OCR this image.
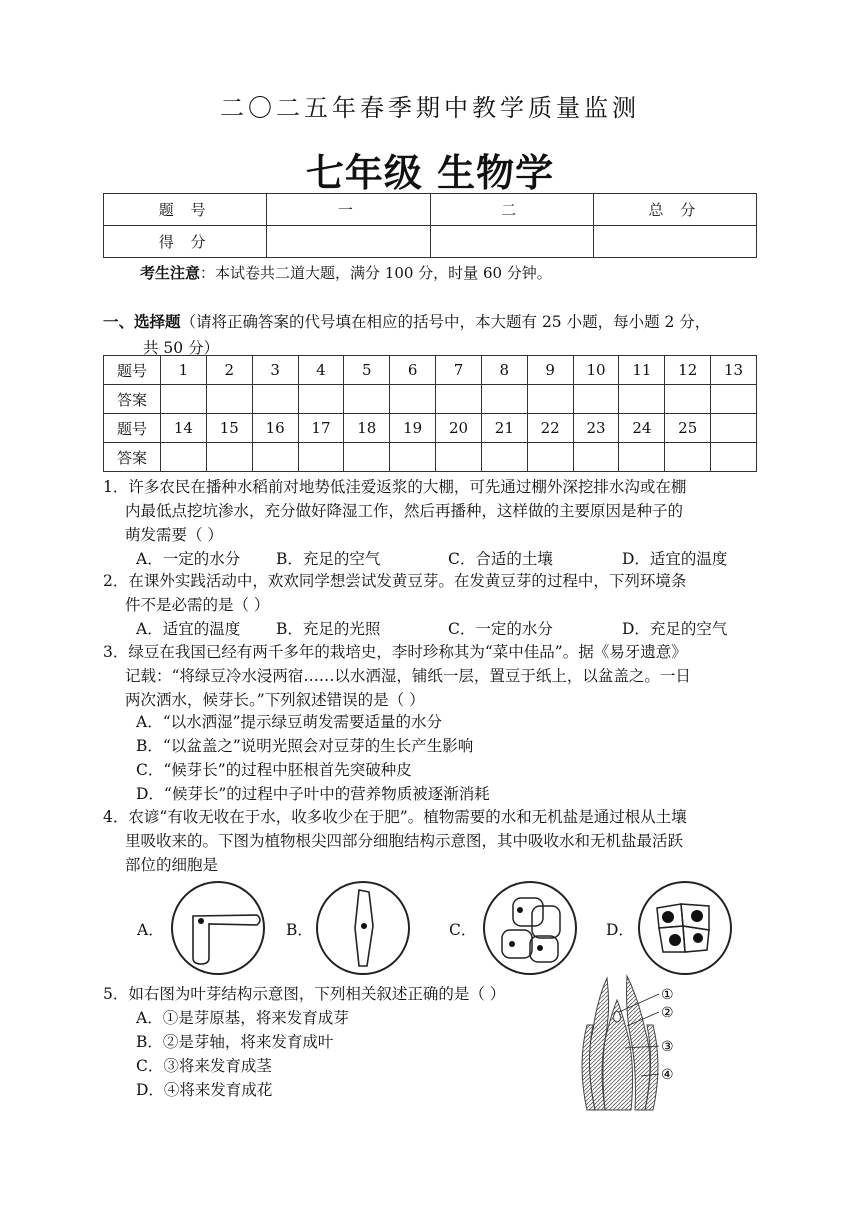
二〇二五年春季期中教学质量监测
七年级 生物学
题 号	一	二	总 分
得 分			
考生注意：本试卷共二道大题，满分 100 分，时量 60 分钟。
一、选择题（请将正确答案的代号填在相应的括号中，本大题有 25 小题，每小题 2 分，
共 50 分）
题号	1	2	3	4	5	6	7	8	9	10	11	12	13
答案													
题号	14	15	16	17	18	19	20	21	22	23	24	25	
答案													
1．许多农民在播种水稻前对地势低洼爱返浆的大棚，可先通过棚外深挖排水沟或在棚
内最低点挖坑渗水，充分做好降湿工作，然后再播种，这样做的主要原因是种子的
萌发需要（ ）
A．一定的水分 B．充足的空气	C．合适的土壤	D．适宜的温度
2．在课外实践活动中，欢欢同学想尝试发黄豆芽。在发黄豆芽的过程中，下列环境条
件不是必需的是（ ）
A．适宜的温度 B．充足的光照	C．一定的水分	D．充足的空气
3．绿豆在我国已经有两千多年的栽培史，李时珍称其为“菜中佳品”。据《易牙遗意》
记载：“将绿豆冷水浸两宿……以水洒湿，铺纸一层，置豆于纸上，以盆盖之。一日
两次洒水，候芽长。”下列叙述错误的是（ ）
A．“以水洒湿”提示绿豆萌发需要适量的水分
B．“以盆盖之”说明光照会对豆芽的生长产生影响
C．“候芽长”的过程中胚根首先突破种皮
D．“候芽长”的过程中子叶中的营养物质被逐渐消耗
4．农谚“有收无收在于水，收多收少在于肥”。植物需要的水和无机盐是通过根从土壤
里吸收来的。下图为植物根尖四部分细胞结构示意图，其中吸收水和无机盐最活跃
部位的细胞是
A．	B．	C．	D．
5．如右图为叶芽结构示意图，下列相关叙述正确的是（ ）
A．①是芽原基，将来发育成芽
B．②是芽轴，将来发育成叶
C．③将来发育成茎
D．④将来发育成花
①
②
③
④
